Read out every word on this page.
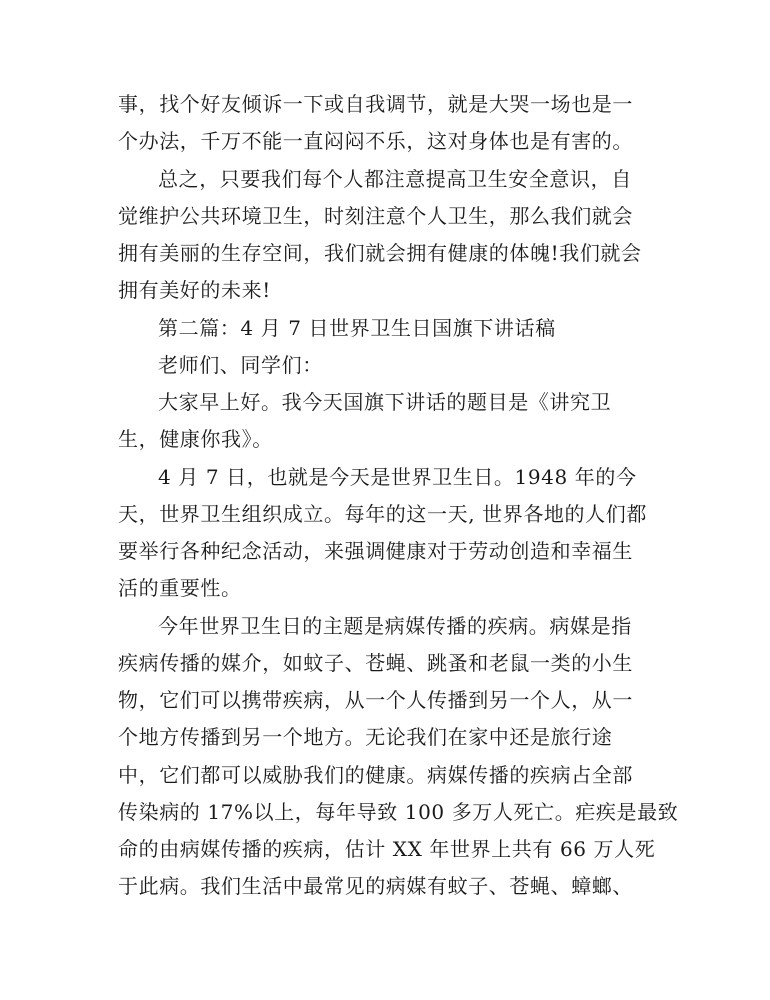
事，找个好友倾诉一下或自我调节，就是大哭一场也是一
个办法，千万不能一直闷闷不乐，这对身体也是有害的。
总之，只要我们每个人都注意提高卫生安全意识，自
觉维护公共环境卫生，时刻注意个人卫生，那么我们就会
拥有美丽的生存空间，我们就会拥有健康的体魄!我们就会
拥有美好的未来!
第二篇：4 月 7 日世界卫生日国旗下讲话稿
老师们、同学们：
大家早上好。我今天国旗下讲话的题目是《讲究卫
生，健康你我》。
4 月 7 日，也就是今天是世界卫生日。1948 年的今
天，世界卫生组织成立。每年的这一天, 世界各地的人们都
要举行各种纪念活动，来强调健康对于劳动创造和幸福生
活的重要性。
今年世界卫生日的主题是病媒传播的疾病。病媒是指
疾病传播的媒介，如蚊子、苍蝇、跳蚤和老鼠一类的小生
物，它们可以携带疾病，从一个人传播到另一个人，从一
个地方传播到另一个地方。无论我们在家中还是旅行途
中，它们都可以威胁我们的健康。病媒传播的疾病占全部
传染病的 17%以上，每年导致 100 多万人死亡。疟疾是最致
命的由病媒传播的疾病，估计 XX 年世界上共有 66 万人死
于此病。我们生活中最常见的病媒有蚊子、苍蝇、蟑螂、
